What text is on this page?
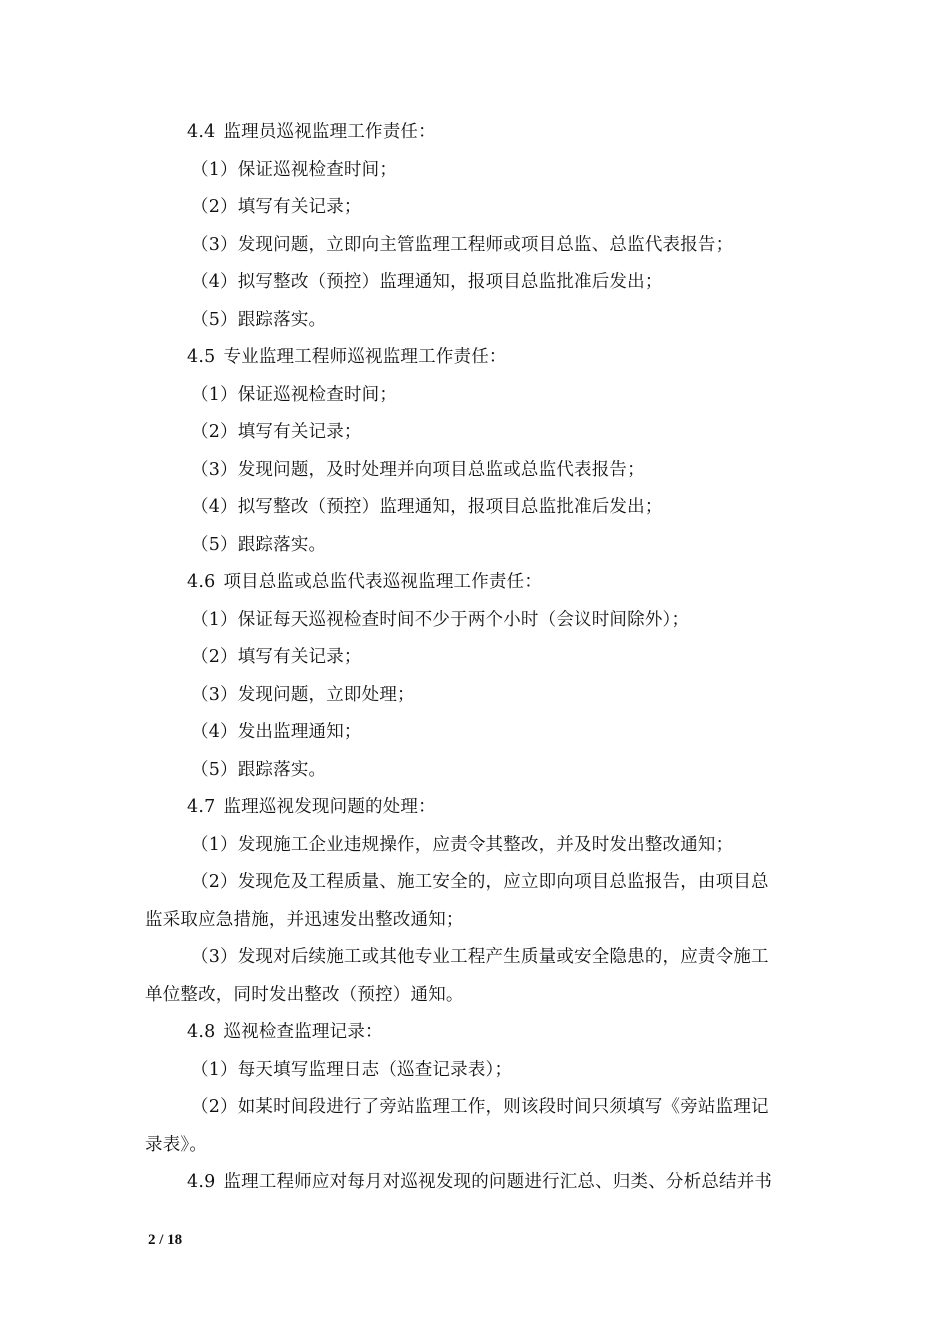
4.4 监理员巡视监理工作责任：
（1）保证巡视检查时间；
（2）填写有关记录；
（3）发现问题，立即向主管监理工程师或项目总监、总监代表报告；
（4）拟写整改（预控）监理通知，报项目总监批准后发出；
（5）跟踪落实。
4.5 专业监理工程师巡视监理工作责任：
（1）保证巡视检查时间；
（2）填写有关记录；
（3）发现问题，及时处理并向项目总监或总监代表报告；
（4）拟写整改（预控）监理通知，报项目总监批准后发出；
（5）跟踪落实。
4.6 项目总监或总监代表巡视监理工作责任：
（1）保证每天巡视检查时间不少于两个小时（会议时间除外）；
（2）填写有关记录；
（3）发现问题，立即处理；
（4）发出监理通知；
（5）跟踪落实。
4.7 监理巡视发现问题的处理：
（1）发现施工企业违规操作，应责令其整改，并及时发出整改通知；
（2）发现危及工程质量、施工安全的，应立即向项目总监报告，由项目总
监采取应急措施，并迅速发出整改通知；
（3）发现对后续施工或其他专业工程产生质量或安全隐患的，应责令施工
单位整改，同时发出整改（预控）通知。
4.8 巡视检查监理记录：
（1）每天填写监理日志（巡查记录表）；
（2）如某时间段进行了旁站监理工作，则该段时间只须填写《旁站监理记
录表》。
4.9 监理工程师应对每月对巡视发现的问题进行汇总、归类、分析总结并书
2 / 18
